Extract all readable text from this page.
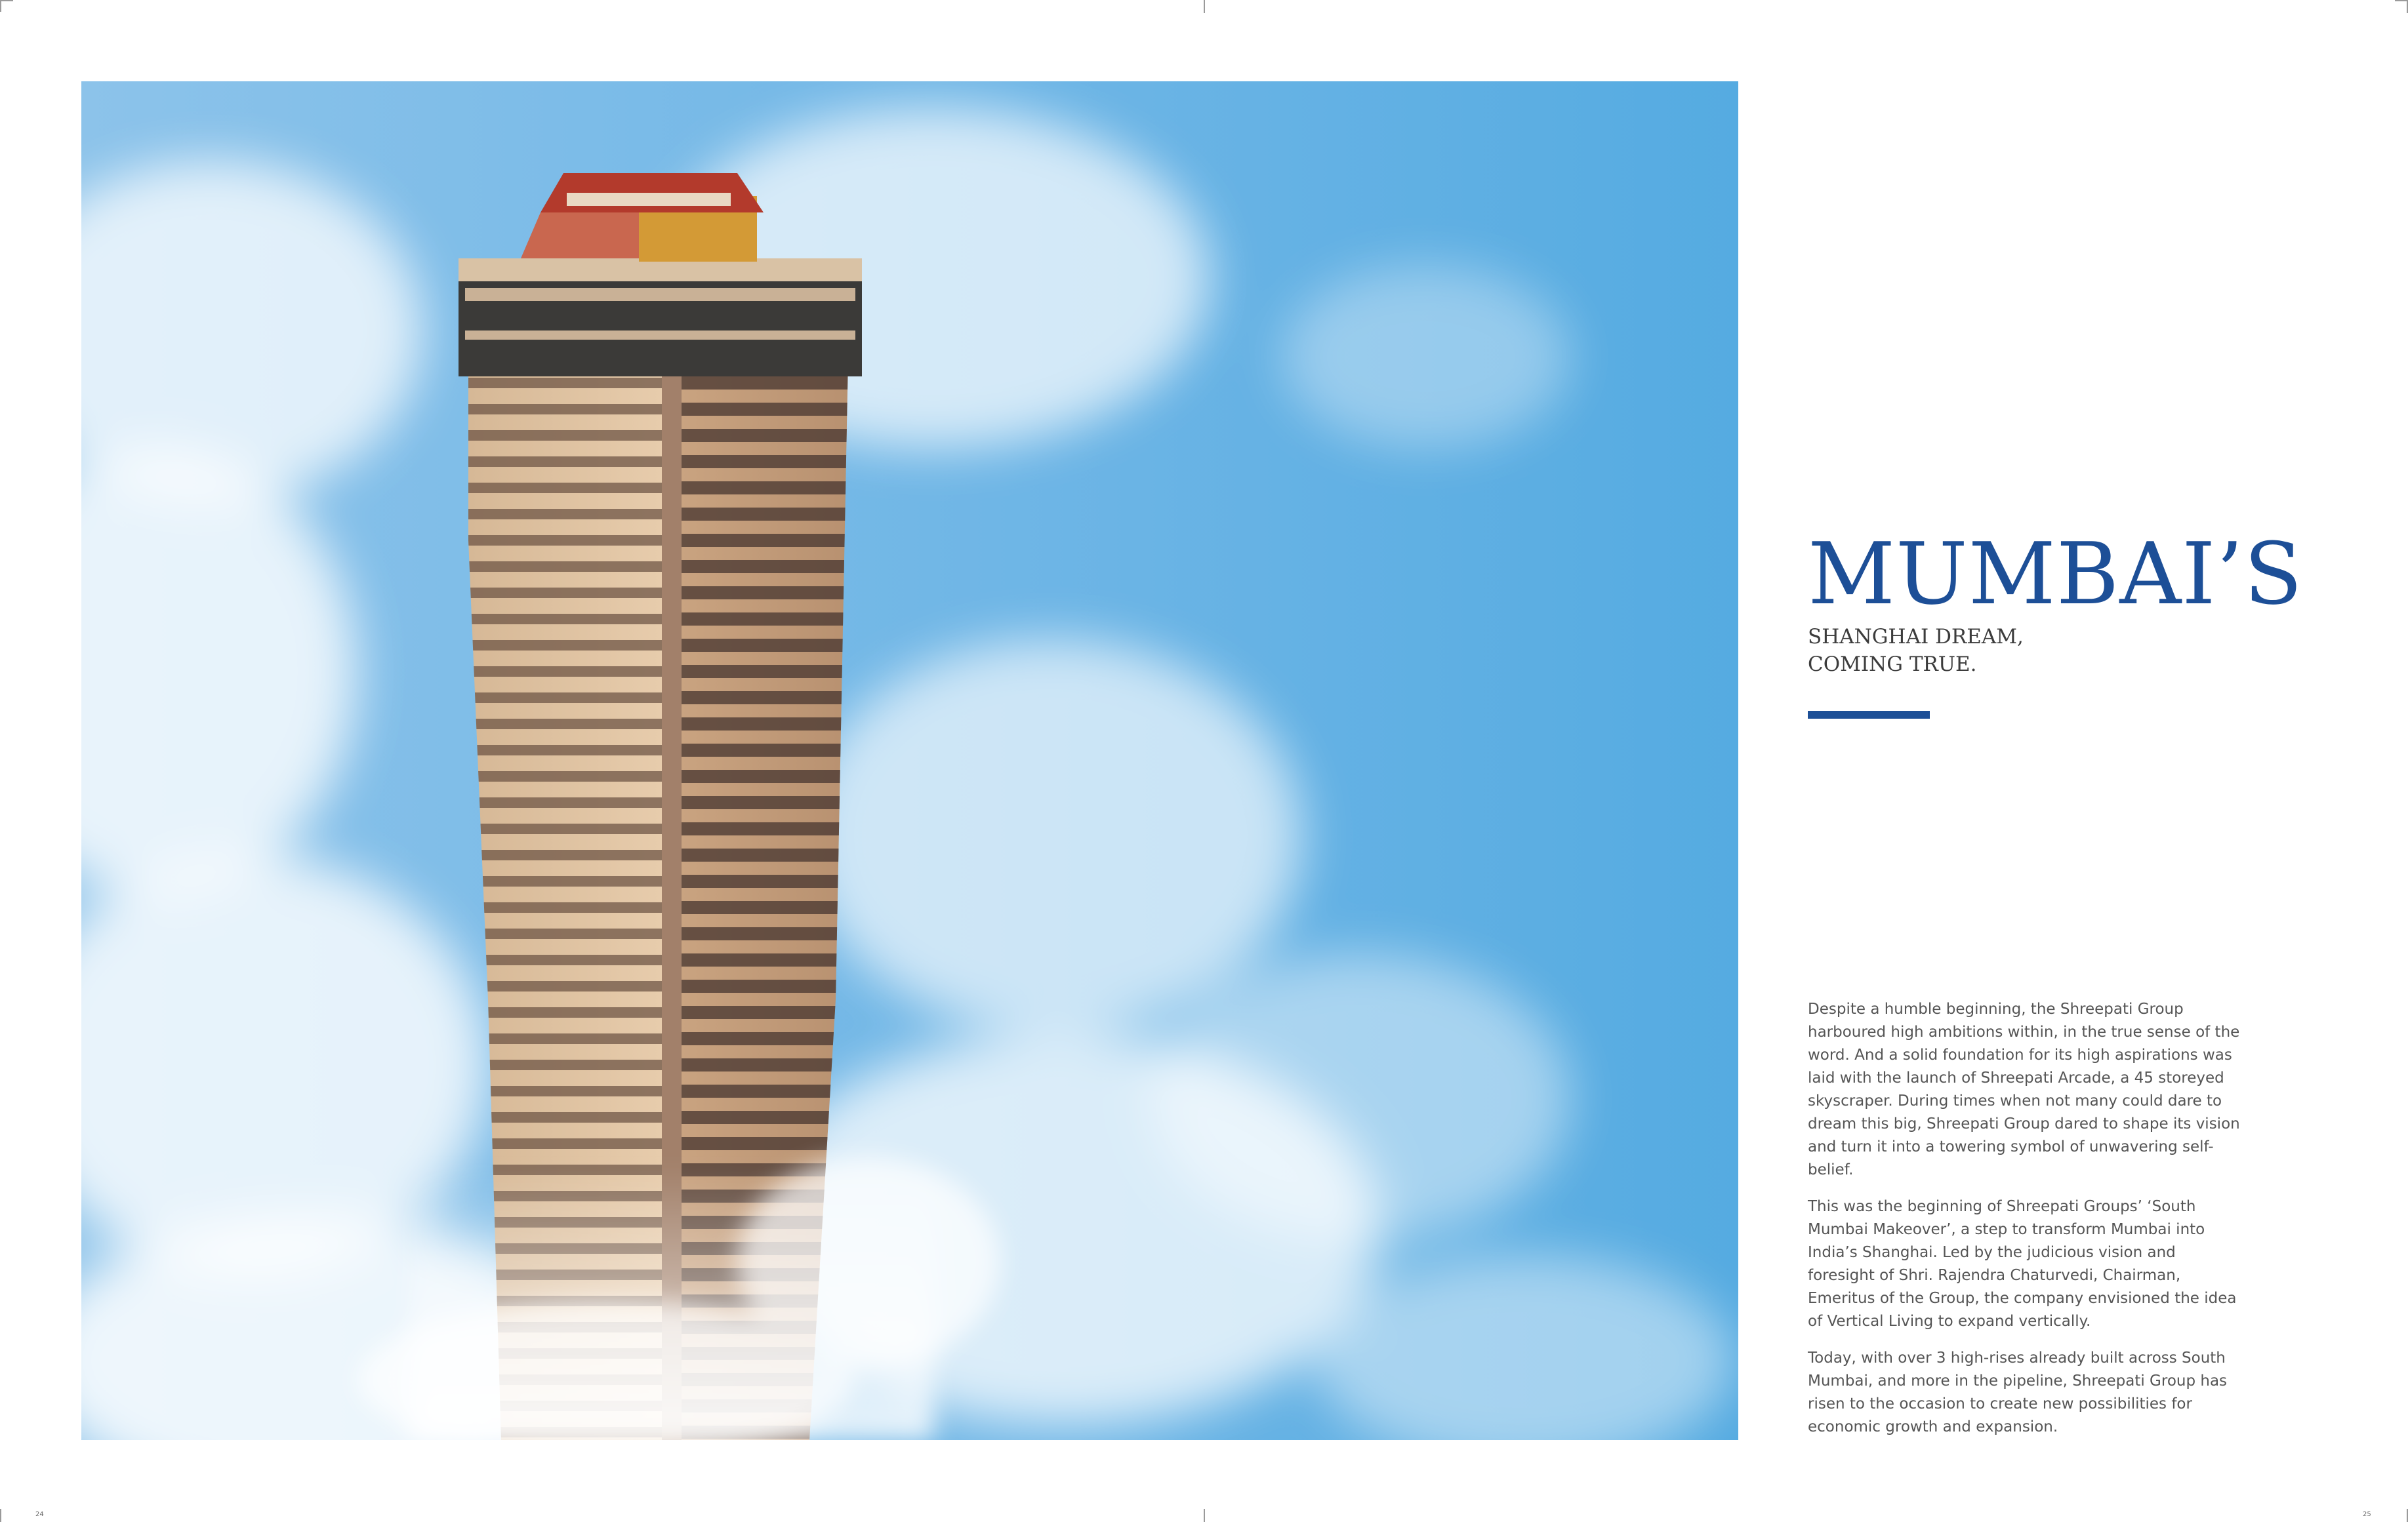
MUMBAI’S
SHANGHAI DREAM,
COMING TRUE.

Despite a humble beginning, the Shreepati Group harboured high ambitions within, in the true sense of the word. And a solid foundation for its high aspirations was laid with the launch of Shreepati Arcade, a 45 storeyed skyscraper. During times when not many could dare to dream this big, Shreepati Group dared to shape its vision and turn it into a towering symbol of unwavering self-belief.

This was the beginning of Shreepati Groups’ ‘South Mumbai Makeover’, a step to transform Mumbai into India’s Shanghai. Led by the judicious vision and foresight of Shri. Rajendra Chaturvedi, Chairman, Emeritus of the Group, the company envisioned the idea of Vertical Living to expand vertically.

Today, with over 3 high-rises already built across South Mumbai, and more in the pipeline, Shreepati Group has risen to the occasion to create new possibilities for economic growth and expansion.

24	25
